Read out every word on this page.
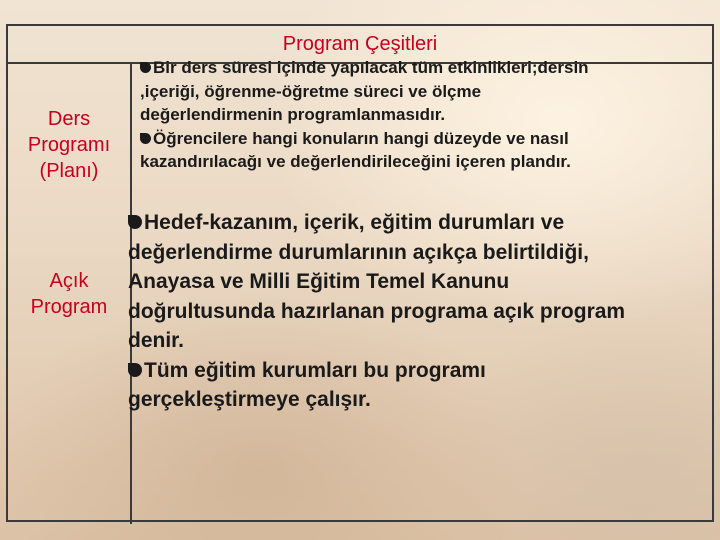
Program Çeşitleri
Ders
Programı
(Planı)
Açık
Program
Bir ders süresi içinde yapılacak tüm etkinlikleri;dersin
,içeriği, öğrenme-öğretme süreci ve ölçme
değerlendirmenin programlanmasıdır.
Öğrencilere hangi konuların hangi düzeyde ve nasıl
kazandırılacağı ve değerlendirileceğini içeren plandır.
Hedef-kazanım, içerik, eğitim durumları ve
değerlendirme durumlarının açıkça belirtildiği,
Anayasa ve Milli Eğitim Temel Kanunu
doğrultusunda hazırlanan programa açık program
denir.
Tüm eğitim kurumları bu programı
gerçekleştirmeye çalışır.
